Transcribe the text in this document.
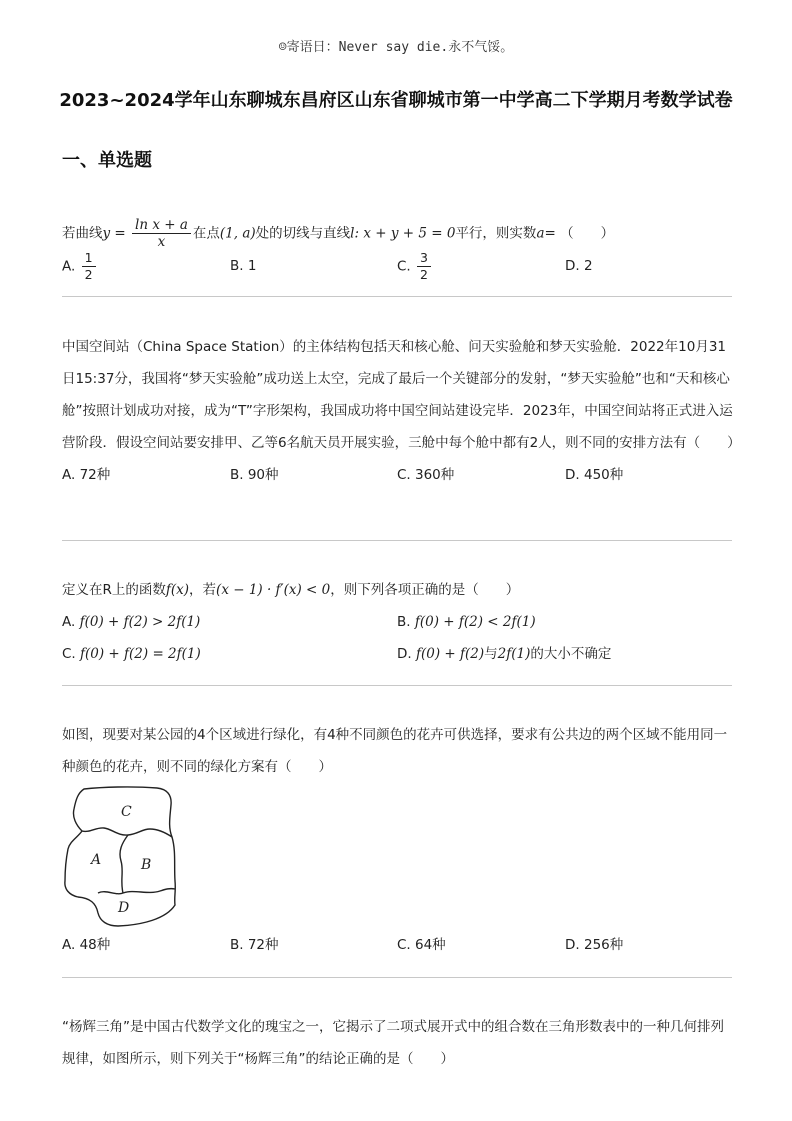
☺寄语日：Never say die.永不气馁。
2023~2024学年山东聊城东昌府区山东省聊城市第一中学高二下学期月考数学试卷
一、单选题

若曲线$y = \frac{\text{ln x + a}}{x}$ 在点(1, a)处的切线与直线l: x + y + 5 = 0平行，则实数a= （　　）

A. $\frac{1}{2}$	B. 1	C. $\frac{3}{2}$	D. 2

中国空间站（China Space Station）的主体结构包括天和核心舱、问天实验舱和梦天实验舱．2022年10月31日15:37分，我国将“梦天实验舱”成功送上太空，完成了最后一个关键部分的发射，“梦天实验舱”也和“天和核心舱”按照计划成功对接，成为“T”字形架构，我国成功将中国空间站建设完毕．2023年，中国空间站将正式进入运营阶段．假设空间站要安排甲、乙等6名航天员开展实验，三舱中每个舱中都有2人，则不同的安排方法有（　　）

A. 72种	B. 90种	C. 360种	D. 450种

定义在R上的函数f(x)，若(x − 1) · f′(x) < 0，则下列各项正确的是（　　）

A. f(0) + f(2) > 2f(1)	B. f(0) + f(2) < 2f(1)
C. f(0) + f(2) = 2f(1)	D. f(0) + f(2)与2f(1)的大小不确定

如图，现要对某公园的4个区域进行绿化，有4种不同颜色的花卉可供选择，要求有公共边的两个区域不能用同一种颜色的花卉，则不同的绿化方案有（　　）

C
A	B
D
A. 48种	B. 72种	C. 64种	D. 256种

“杨辉三角”是中国古代数学文化的瑰宝之一，它揭示了二项式展开式中的组合数在三角形数表中的一种几何排列规律，如图所示，则下列关于“杨辉三角”的结论正确的是（　　）
